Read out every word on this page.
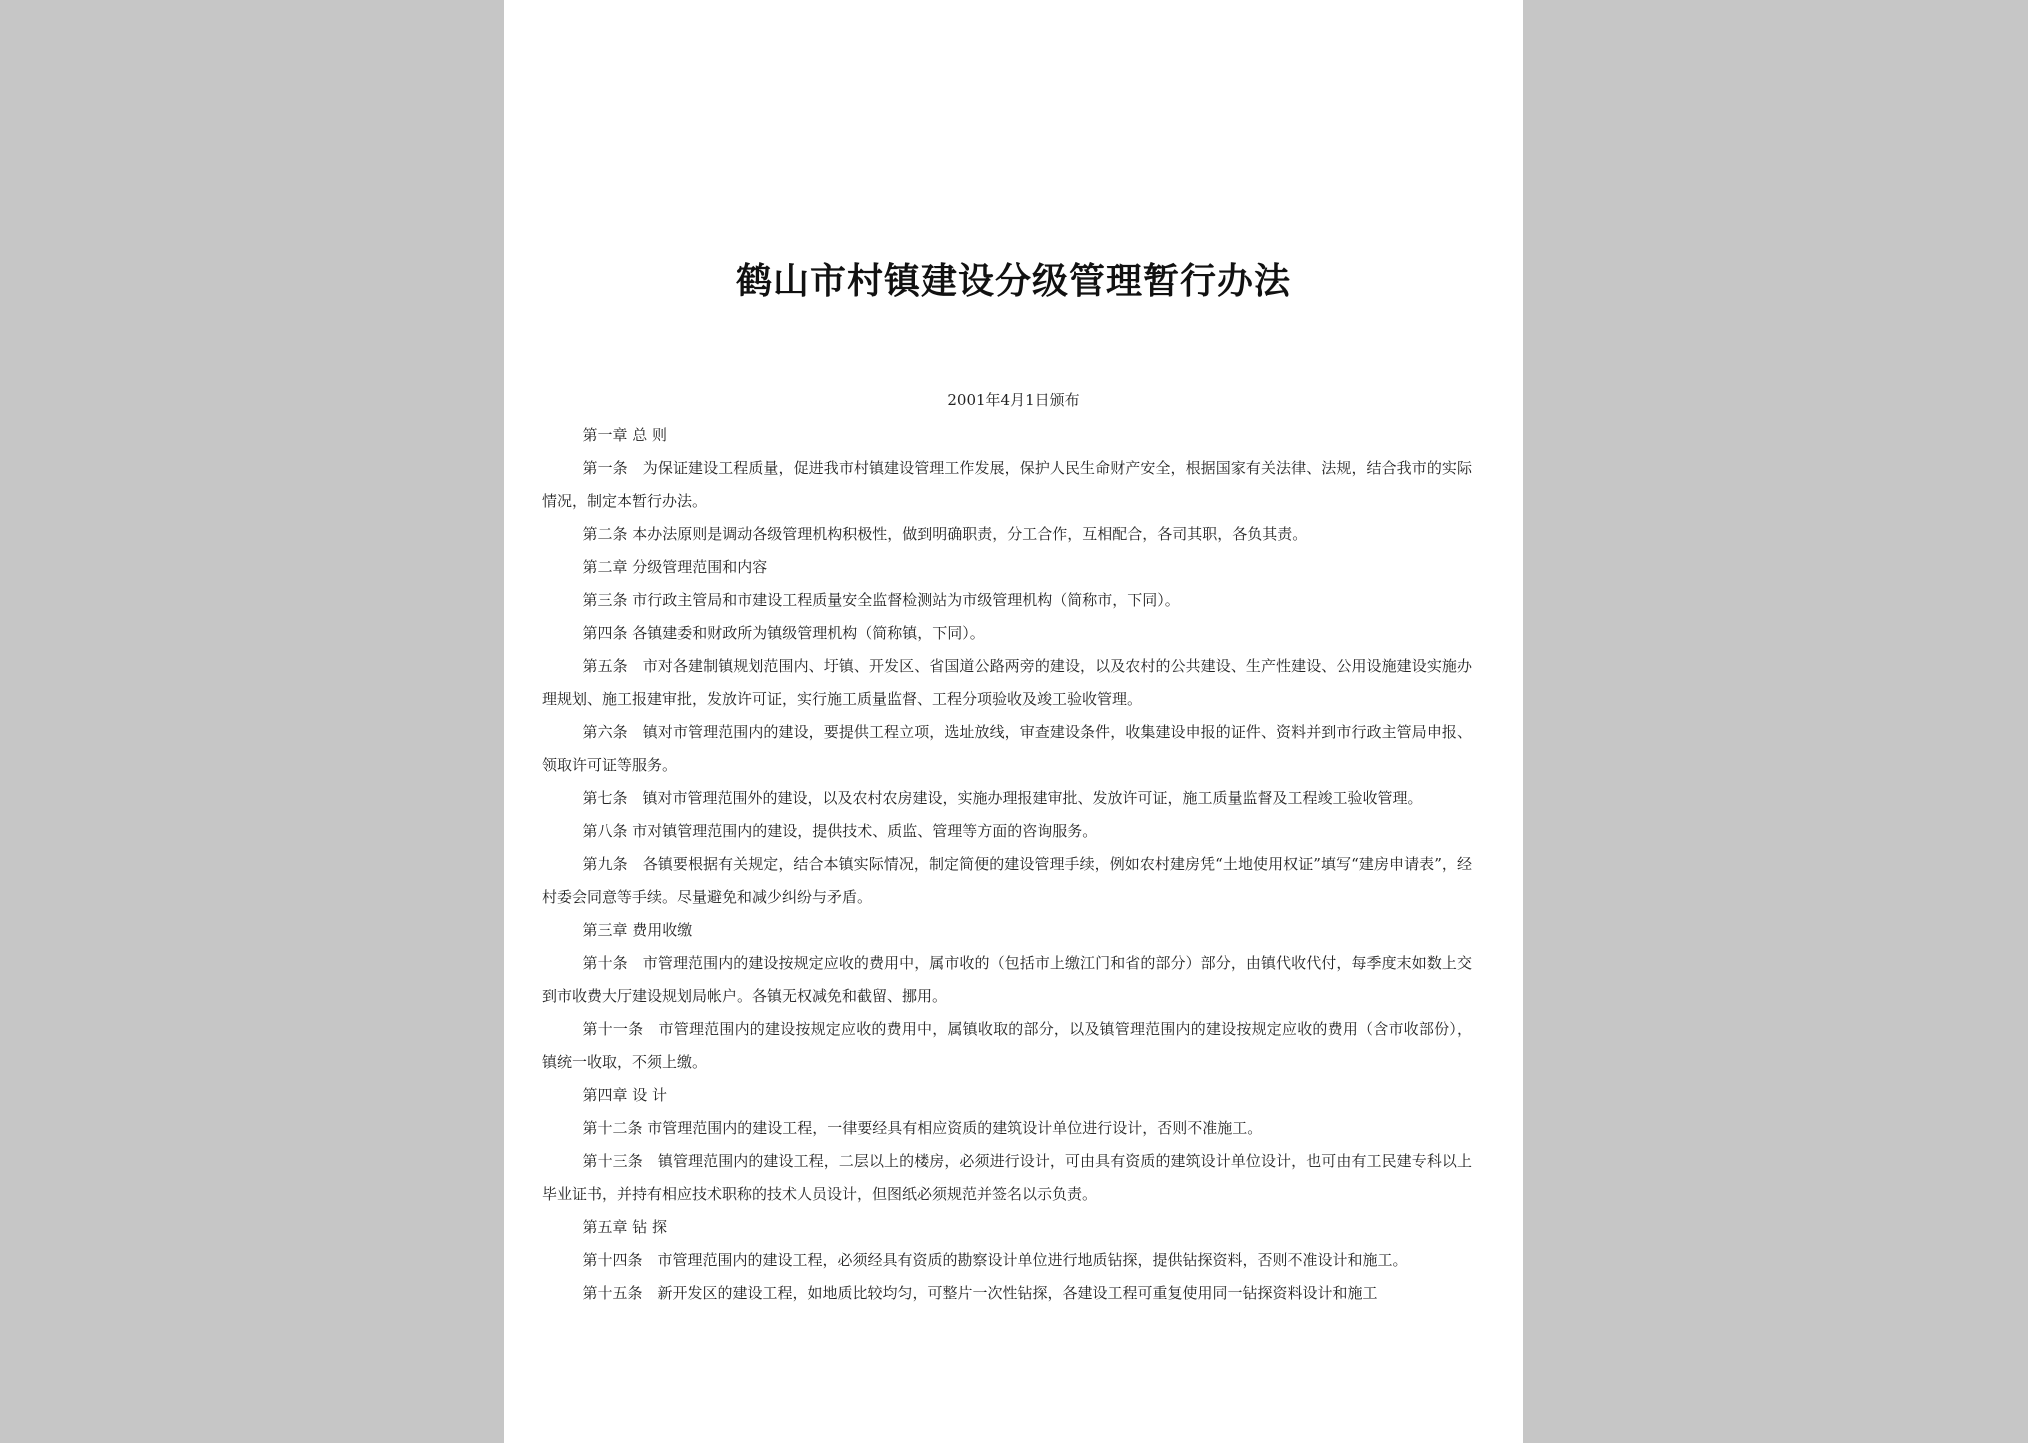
鹤山市村镇建设分级管理暂行办法

2001年4月1日颁布

第一章 总 则

第一条　为保证建设工程质量，促进我市村镇建设管理工作发展，保护人民生命财产安全，根据国家有关法律、法规，结合我市的实际情况，制定本暂行办法。

第二条 本办法原则是调动各级管理机构积极性，做到明确职责，分工合作，互相配合，各司其职，各负其责。

第二章 分级管理范围和内容

第三条 市行政主管局和市建设工程质量安全监督检测站为市级管理机构（简称市，下同）。

第四条 各镇建委和财政所为镇级管理机构（简称镇，下同）。

第五条　市对各建制镇规划范围内、圩镇、开发区、省国道公路两旁的建设，以及农村的公共建设、生产性建设、公用设施建设实施办理规划、施工报建审批，发放许可证，实行施工质量监督、工程分项验收及竣工验收管理。

第六条　镇对市管理范围内的建设，要提供工程立项，选址放线，审查建设条件，收集建设申报的证件、资料并到市行政主管局申报、领取许可证等服务。

第七条　镇对市管理范围外的建设，以及农村农房建设，实施办理报建审批、发放许可证，施工质量监督及工程竣工验收管理。

第八条 市对镇管理范围内的建设，提供技术、质监、管理等方面的咨询服务。

第九条　各镇要根据有关规定，结合本镇实际情况，制定简便的建设管理手续，例如农村建房凭“土地使用权证”填写“建房申请表”，经村委会同意等手续。尽量避免和减少纠纷与矛盾。

第三章 费用收缴

第十条　市管理范围内的建设按规定应收的费用中，属市收的（包括市上缴江门和省的部分）部分，由镇代收代付，每季度末如数上交到市收费大厅建设规划局帐户。各镇无权减免和截留、挪用。

第十一条　市管理范围内的建设按规定应收的费用中，属镇收取的部分，以及镇管理范围内的建设按规定应收的费用（含市收部份），镇统一收取，不须上缴。

第四章 设 计

第十二条 市管理范围内的建设工程，一律要经具有相应资质的建筑设计单位进行设计，否则不准施工。

第十三条　镇管理范围内的建设工程，二层以上的楼房，必须进行设计，可由具有资质的建筑设计单位设计，也可由有工民建专科以上毕业证书，并持有相应技术职称的技术人员设计，但图纸必须规范并签名以示负责。

第五章 钻 探

第十四条　市管理范围内的建设工程，必须经具有资质的勘察设计单位进行地质钻探，提供钻探资料，否则不准设计和施工。

第十五条　新开发区的建设工程，如地质比较均匀，可整片一次性钻探，各建设工程可重复使用同一钻探资料设计和施工
